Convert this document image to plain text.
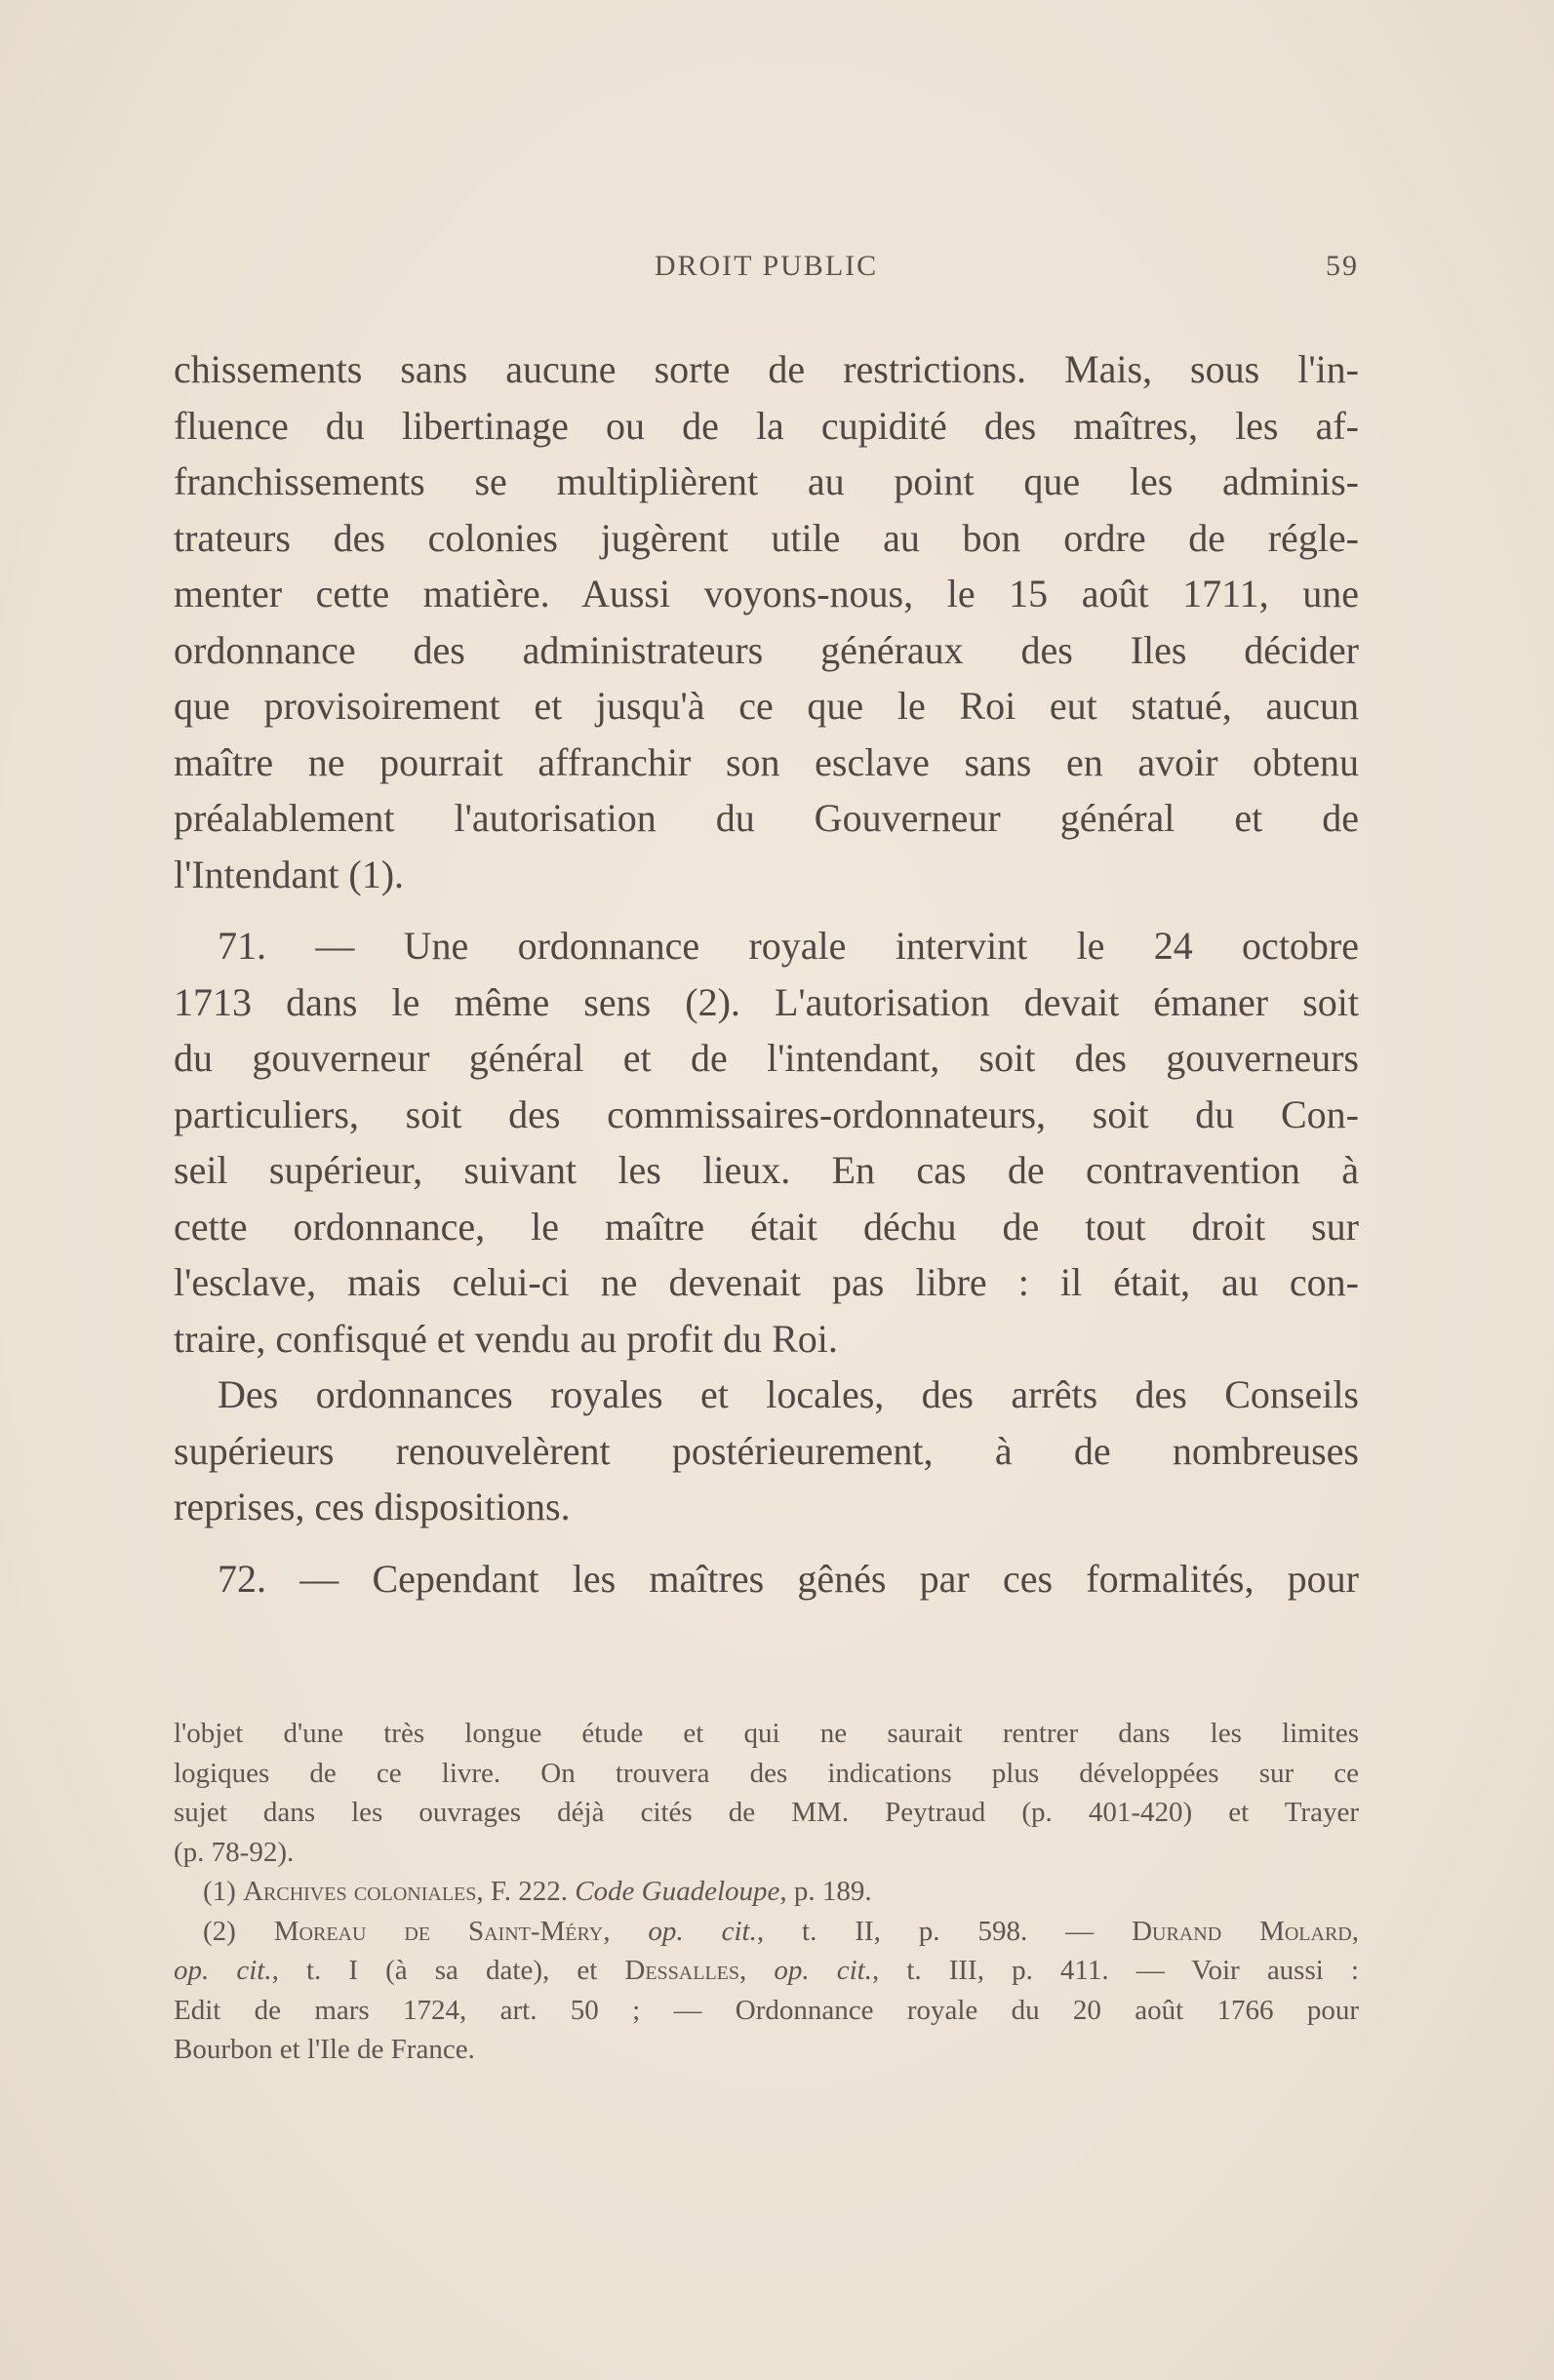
DROIT PUBLIC	59

chissements sans aucune sorte de restrictions. Mais, sous l'in-

fluence du libertinage ou de la cupidité des maîtres, les af-

franchissements se multiplièrent au point que les adminis-

trateurs des colonies jugèrent utile au bon ordre de régle-

menter cette matière. Aussi voyons-nous, le 15 août 1711, une

ordonnance des administrateurs généraux des Iles décider

que provisoirement et jusqu'à ce que le Roi eut statué, aucun

maître ne pourrait affranchir son esclave sans en avoir obtenu

préalablement l'autorisation du Gouverneur général et de

l'Intendant (1).

71. — Une ordonnance royale intervint le 24 octobre

1713 dans le même sens (2). L'autorisation devait émaner soit

du gouverneur général et de l'intendant, soit des gouverneurs

particuliers, soit des commissaires-ordonnateurs, soit du Con-

seil supérieur, suivant les lieux. En cas de contravention à

cette ordonnance, le maître était déchu de tout droit sur

l'esclave, mais celui-ci ne devenait pas libre : il était, au con-

traire, confisqué et vendu au profit du Roi.

Des ordonnances royales et locales, des arrêts des Conseils

supérieurs renouvelèrent postérieurement, à de nombreuses

reprises, ces dispositions.

72. — Cependant les maîtres gênés par ces formalités, pour

l'objet d'une très longue étude et qui ne saurait rentrer dans les limites

logiques de ce livre. On trouvera des indications plus développées sur ce

sujet dans les ouvrages déjà cités de MM. Peytraud (p. 401-420) et Trayer

(p. 78-92).

(1) Archives coloniales, F. 222. Code Guadeloupe, p. 189.

(2) Moreau de Saint-Méry, op. cit., t. II, p. 598. — Durand Molard,

op. cit., t. I (à sa date), et Dessalles, op. cit., t. III, p. 411. — Voir aussi :

Edit de mars 1724, art. 50 ; — Ordonnance royale du 20 août 1766 pour

Bourbon et l'Ile de France.
